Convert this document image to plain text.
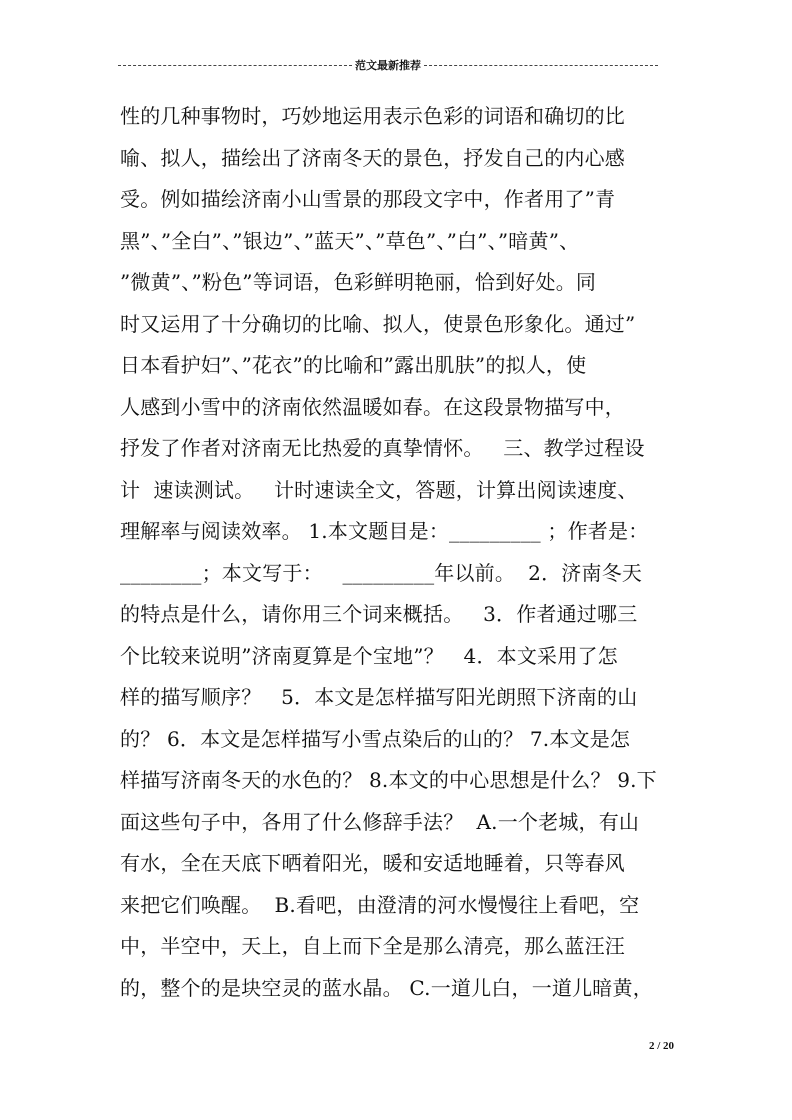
范文最新推荐
性的几种事物时，巧妙地运用表示色彩的词语和确切的比
喻、拟人，描绘出了济南冬天的景色，抒发自己的内心感
受。例如描绘济南小山雪景的那段文字中，作者用了”青
黑”、”全白”、”银边”、”蓝天”、”草色”、”白”、”暗黄”、
”微黄”、”粉色”等词语，色彩鲜明艳丽，恰到好处。同
时又运用了十分确切的比喻、拟人，使景色形象化。通过”
日本看护妇”、”花衣”的比喻和”露出肌肤”的拟人，使
人感到小雪中的济南依然温暖如春。在这段景物描写中，
抒发了作者对济南无比热爱的真挚情怀。   三、教学过程设
计  速读测试。   计时速读全文，答题，计算出阅读速度、
理解率与阅读效率。 1.本文题目是：_________ ；作者是：
________；本文写于：   _________年以前。  2．济南冬天
的特点是什么，请你用三个词来概括。   3．作者通过哪三
个比较来说明”济南夏算是个宝地”？   4．本文采用了怎
样的描写顺序？   5．本文是怎样描写阳光朗照下济南的山
的？ 6．本文是怎样描写小雪点染后的山的？ 7.本文是怎
样描写济南冬天的水色的？ 8.本文的中心思想是什么？ 9.下
面这些句子中，各用了什么修辞手法？  A.一个老城，有山
有水，全在天底下晒着阳光，暖和安适地睡着，只等春风
来把它们唤醒。  B.看吧，由澄清的河水慢慢往上看吧，空
中，半空中，天上，自上而下全是那么清亮，那么蓝汪汪
的，整个的是块空灵的蓝水晶。 C.一道儿白，一道儿暗黄，
2 / 20
